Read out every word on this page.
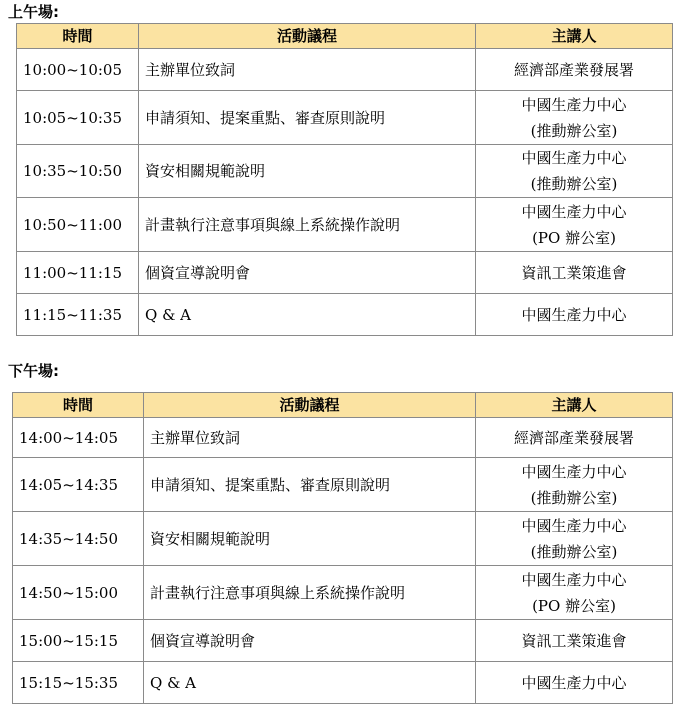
上午場:
時間	活動議程	主講人
10:00~10:05	主辦單位致詞	經濟部產業發展署

10:05~10:35	申請須知、提案重點、審查原則說明	中國生產力中心
(推動辦公室)

10:35~10:50	資安相關規範說明	中國生產力中心
(推動辦公室)

10:50~11:00	計畫執行注意事項與線上系統操作說明	中國生產力中心
(PO 辦公室)

11:00~11:15	個資宣導說明會	資訊工業策進會

11:15~11:35	Q & A	中國生產力中心
下午場:
時間	活動議程	主講人
14:00~14:05	主辦單位致詞	經濟部產業發展署

14:05~14:35	申請須知、提案重點、審查原則說明	中國生產力中心
(推動辦公室)

14:35~14:50	資安相關規範說明	中國生產力中心
(推動辦公室)

14:50~15:00	計畫執行注意事項與線上系統操作說明	中國生產力中心
(PO 辦公室)

15:00~15:15	個資宣導說明會	資訊工業策進會

15:15~15:35	Q & A	中國生產力中心
